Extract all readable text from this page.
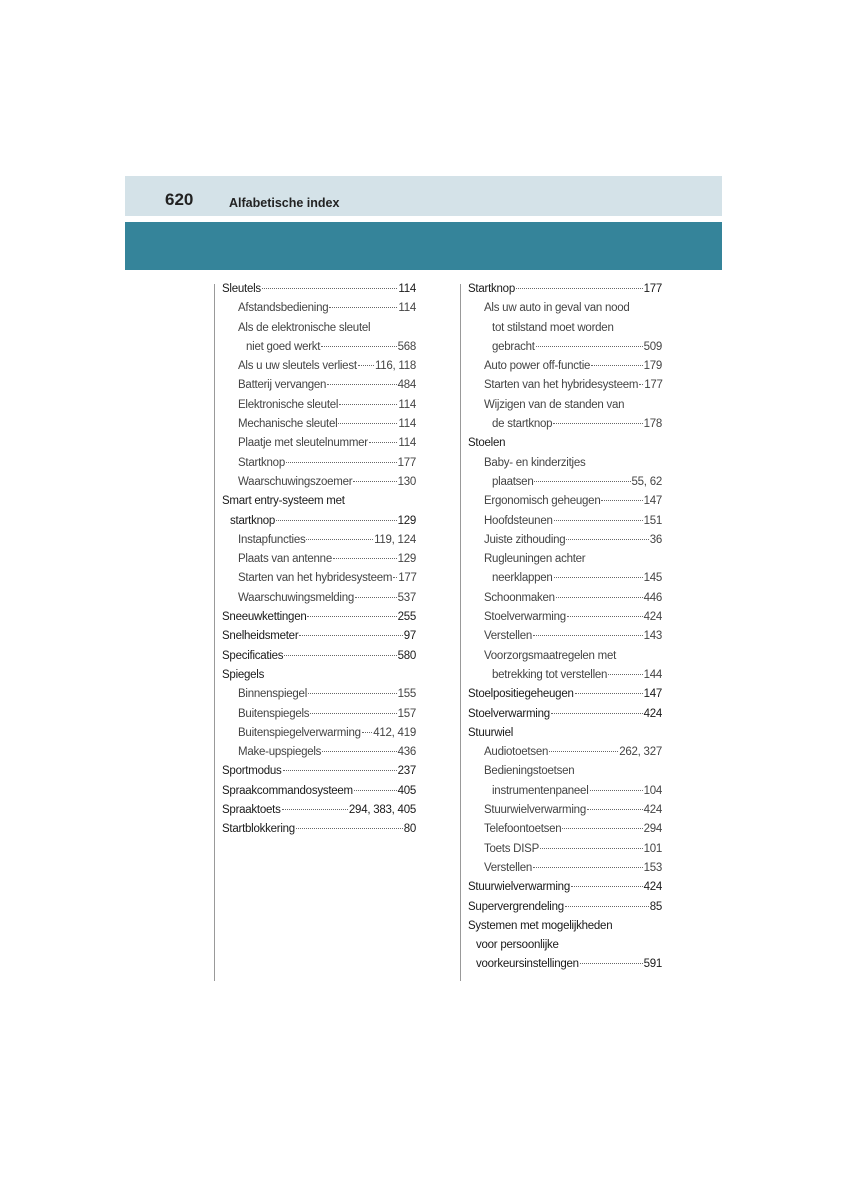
620	Alfabetische index
Sleutels	114
Afstandsbediening	114
Als de elektronische sleutel
niet goed werkt	568
Als u uw sleutels verliest 116, 118
Batterij vervangen	484
Elektronische sleutel	114
Mechanische sleutel	114
Plaatje met sleutelnummer	114
Startknop	177
Waarschuwingszoemer	130
Smart entry-systeem met
startknop	129
Instapfuncties	119, 124
Plaats van antenne	129
Starten van het hybridesysteem 177
Waarschuwingsmelding	537
Sneeuwkettingen	255
Snelheidsmeter	97
Specificaties	580
Spiegels
Binnenspiegel	155
Buitenspiegels	157
Buitenspiegelverwarming 412, 419
Make-upspiegels	436
Sportmodus	237
Spraakcommandosysteem	405
Spraaktoets	294, 383, 405
Startblokkering	80
Startknop	177
Als uw auto in geval van nood
tot stilstand moet worden
gebracht	509
Auto power off-functie	179
Starten van het hybridesysteem 177
Wijzigen van de standen van
de startknop	178
Stoelen
Baby- en kinderzitjes
plaatsen	55, 62
Ergonomisch geheugen	147
Hoofdsteunen	151
Juiste zithouding	36
Rugleuningen achter
neerklappen	145
Schoonmaken	446
Stoelverwarming	424
Verstellen	143
Voorzorgsmaatregelen met
betrekking tot verstellen	144
Stoelpositiegeheugen	147
Stoelverwarming	424
Stuurwiel
Audiotoetsen	262, 327
Bedieningstoetsen
instrumentenpaneel	104
Stuurwielverwarming	424
Telefoontoetsen	294
Toets DISP	101
Verstellen	153
Stuurwielverwarming	424
Supervergrendeling	85
Systemen met mogelijkheden
voor persoonlijke
voorkeursinstellingen	591
